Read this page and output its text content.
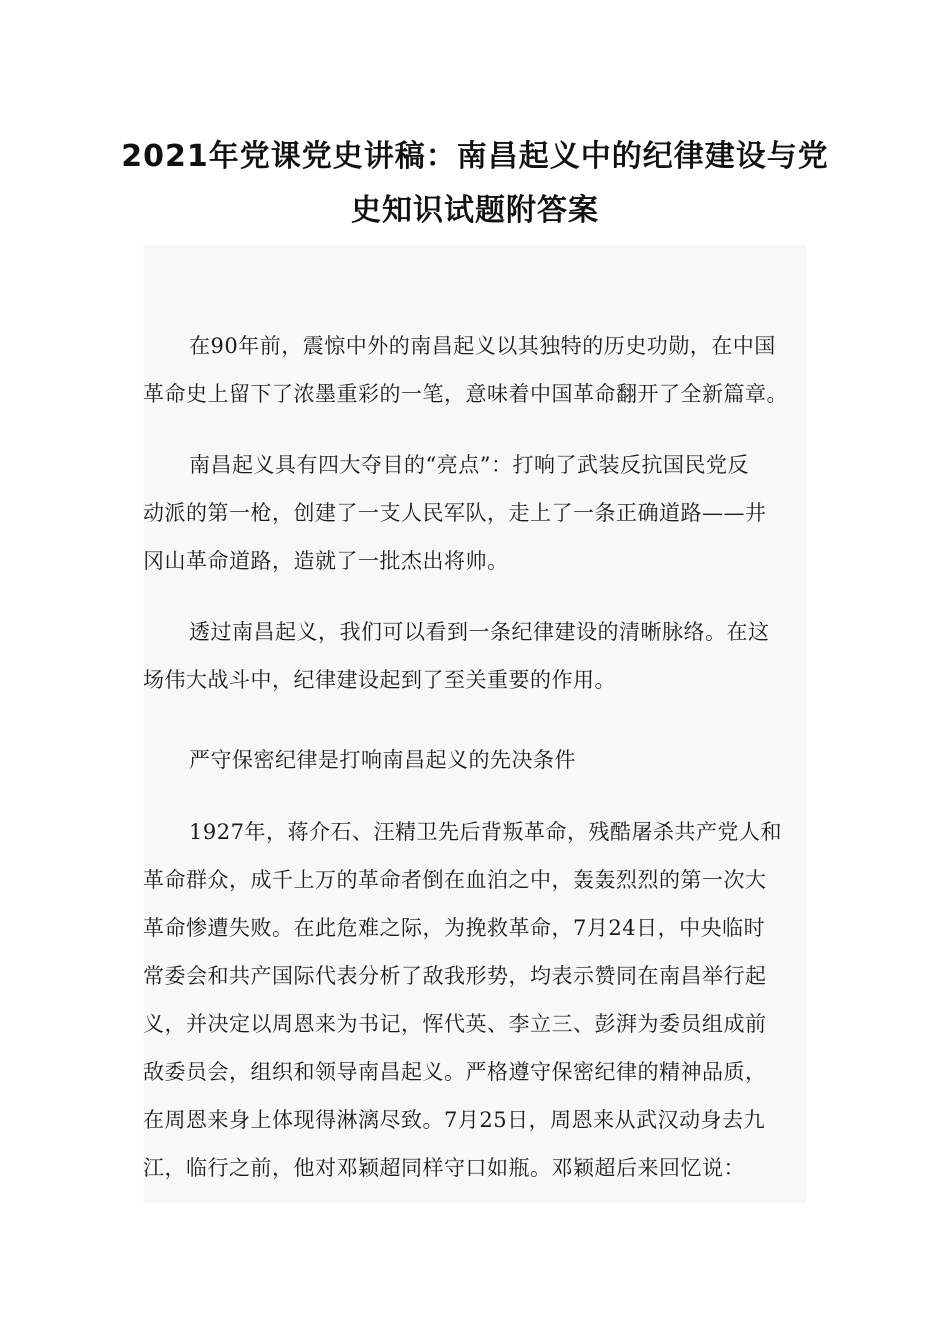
2021年党课党史讲稿：南昌起义中的纪律建设与党
史知识试题附答案
在90年前，震惊中外的南昌起义以其独特的历史功勋，在中国
革命史上留下了浓墨重彩的一笔，意味着中国革命翻开了全新篇章。
南昌起义具有四大夺目的“亮点”：打响了武装反抗国民党反
动派的第一枪，创建了一支人民军队，走上了一条正确道路——井
冈山革命道路，造就了一批杰出将帅。
透过南昌起义，我们可以看到一条纪律建设的清晰脉络。在这
场伟大战斗中，纪律建设起到了至关重要的作用。
严守保密纪律是打响南昌起义的先决条件
1927年，蒋介石、汪精卫先后背叛革命，残酷屠杀共产党人和
革命群众，成千上万的革命者倒在血泊之中，轰轰烈烈的第一次大
革命惨遭失败。在此危难之际，为挽救革命，7月24日，中央临时
常委会和共产国际代表分析了敌我形势，均表示赞同在南昌举行起
义，并决定以周恩来为书记，恽代英、李立三、彭湃为委员组成前
敌委员会，组织和领导南昌起义。严格遵守保密纪律的精神品质，
在周恩来身上体现得淋漓尽致。7月25日，周恩来从武汉动身去九
江，临行之前，他对邓颖超同样守口如瓶。邓颖超后来回忆说：
